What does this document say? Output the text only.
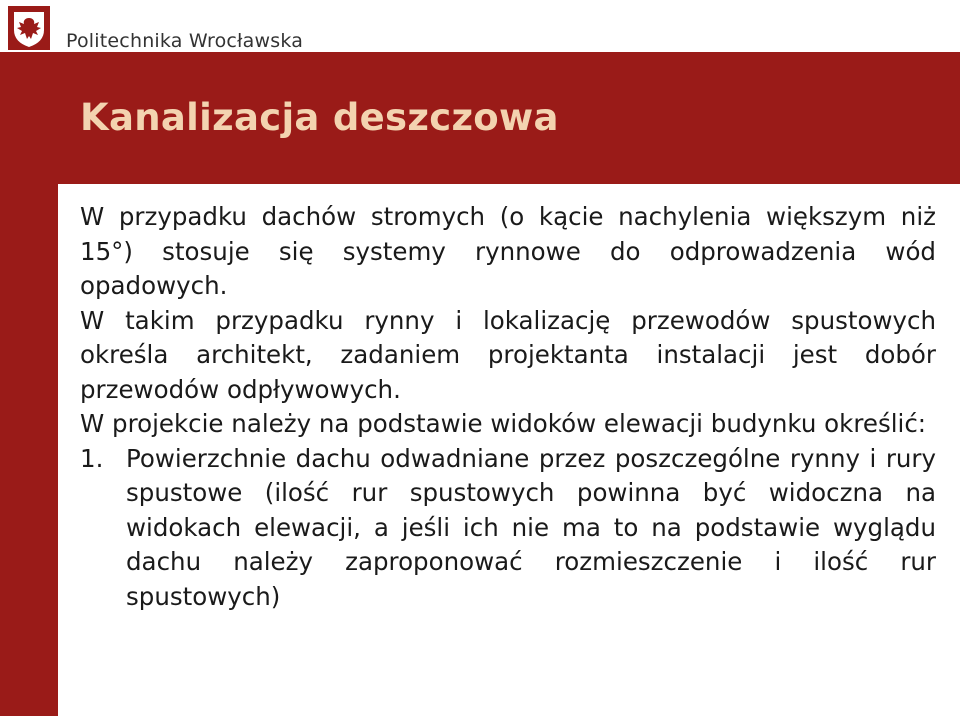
Politechnika Wrocławska
Kanalizacja deszczowa

W przypadku dachów stromych (o kącie nachylenia większym niż 15°) stosuje się systemy rynnowe do odprowadzenia wód opadowych.

W takim przypadku rynny i lokalizację przewodów spustowych określa architekt, zadaniem projektanta instalacji jest dobór przewodów odpływowych.

W projekcie należy na podstawie widoków elewacji budynku określić:

1. Powierzchnie dachu odwadniane przez poszczególne rynny i rury spustowe (ilość rur spustowych powinna być widoczna na widokach elewacji, a jeśli ich nie ma to na podstawie wyglądu dachu należy zaproponować rozmieszczenie i ilość rur spustowych)
